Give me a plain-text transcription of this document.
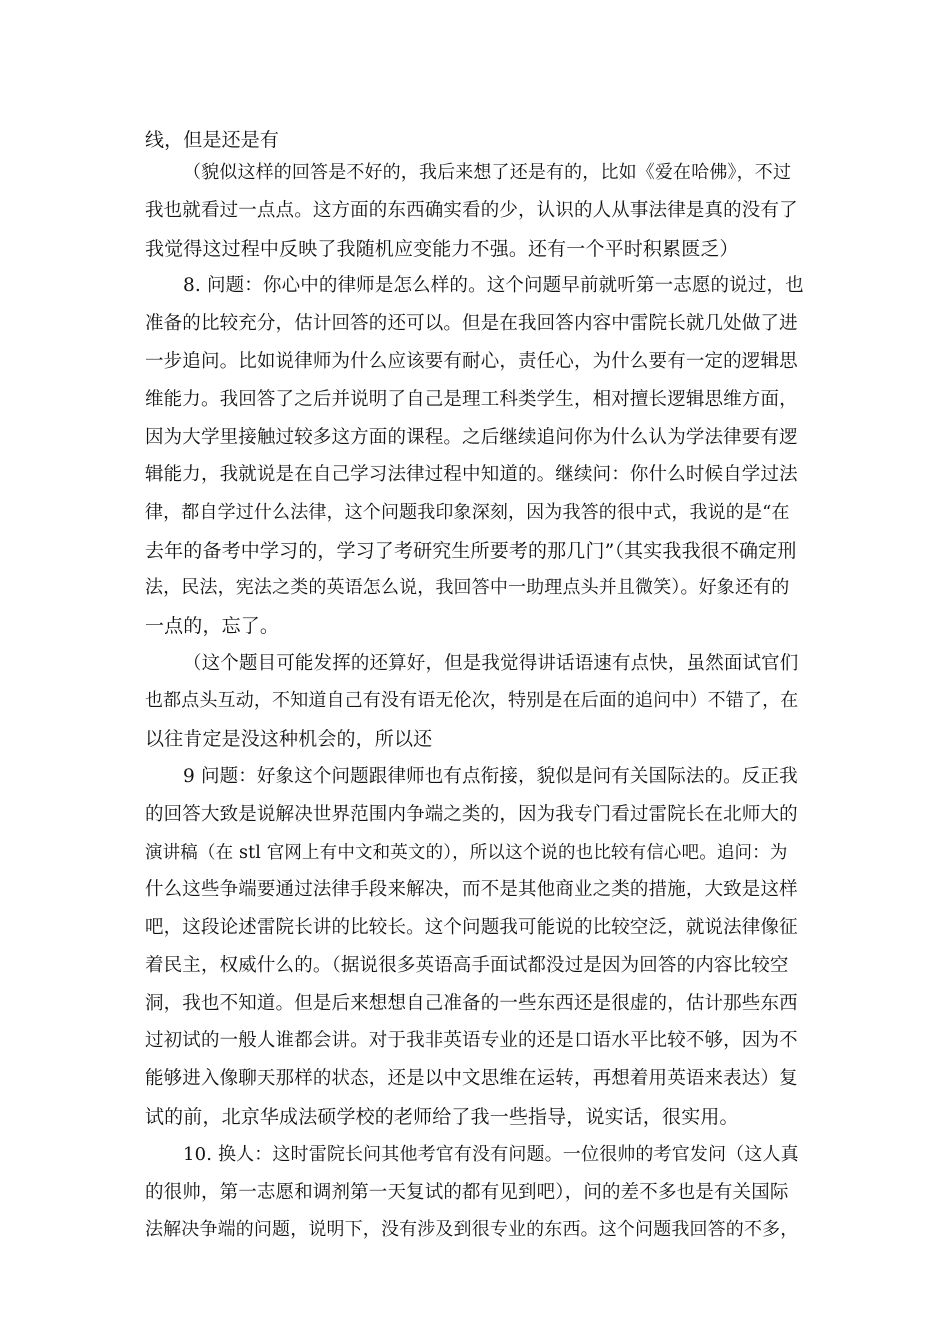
线，但是还是有
（貌似这样的回答是不好的，我后来想了还是有的，比如《爱在哈佛》，不过
我也就看过一点点。这方面的东西确实看的少，认识的人从事法律是真的没有了
我觉得这过程中反映了我随机应变能力不强。还有一个平时积累匮乏）
8. 问题：你心中的律师是怎么样的。这个问题早前就听第一志愿的说过，也
准备的比较充分，估计回答的还可以。但是在我回答内容中雷院长就几处做了进
一步追问。比如说律师为什么应该要有耐心，责任心，为什么要有一定的逻辑思
维能力。我回答了之后并说明了自己是理工科类学生，相对擅长逻辑思维方面，
因为大学里接触过较多这方面的课程。之后继续追问你为什么认为学法律要有逻
辑能力，我就说是在自己学习法律过程中知道的。继续问：你什么时候自学过法
律，都自学过什么法律，这个问题我印象深刻，因为我答的很中式，我说的是“在
去年的备考中学习的，学习了考研究生所要考的那几门”（其实我我很不确定刑
法，民法，宪法之类的英语怎么说，我回答中一助理点头并且微笑）。好象还有的
一点的，忘了。
（这个题目可能发挥的还算好，但是我觉得讲话语速有点快，虽然面试官们
也都点头互动，不知道自己有没有语无伦次，特别是在后面的追问中）不错了，在
以往肯定是没这种机会的，所以还
9 问题：好象这个问题跟律师也有点衔接，貌似是问有关国际法的。反正我
的回答大致是说解决世界范围内争端之类的，因为我专门看过雷院长在北师大的
演讲稿（在 stl 官网上有中文和英文的），所以这个说的也比较有信心吧。追问：为
什么这些争端要通过法律手段来解决，而不是其他商业之类的措施，大致是这样
吧，这段论述雷院长讲的比较长。这个问题我可能说的比较空泛，就说法律像征
着民主，权威什么的。（据说很多英语高手面试都没过是因为回答的内容比较空
洞，我也不知道。但是后来想想自己准备的一些东西还是很虚的，估计那些东西
过初试的一般人谁都会讲。对于我非英语专业的还是口语水平比较不够，因为不
能够进入像聊天那样的状态，还是以中文思维在运转，再想着用英语来表达）复
试的前，北京华成法硕学校的老师给了我一些指导，说实话，很实用。
10. 换人：这时雷院长问其他考官有没有问题。一位很帅的考官发问（这人真
的很帅，第一志愿和调剂第一天复试的都有见到吧），问的差不多也是有关国际
法解决争端的问题，说明下，没有涉及到很专业的东西。这个问题我回答的不多，
